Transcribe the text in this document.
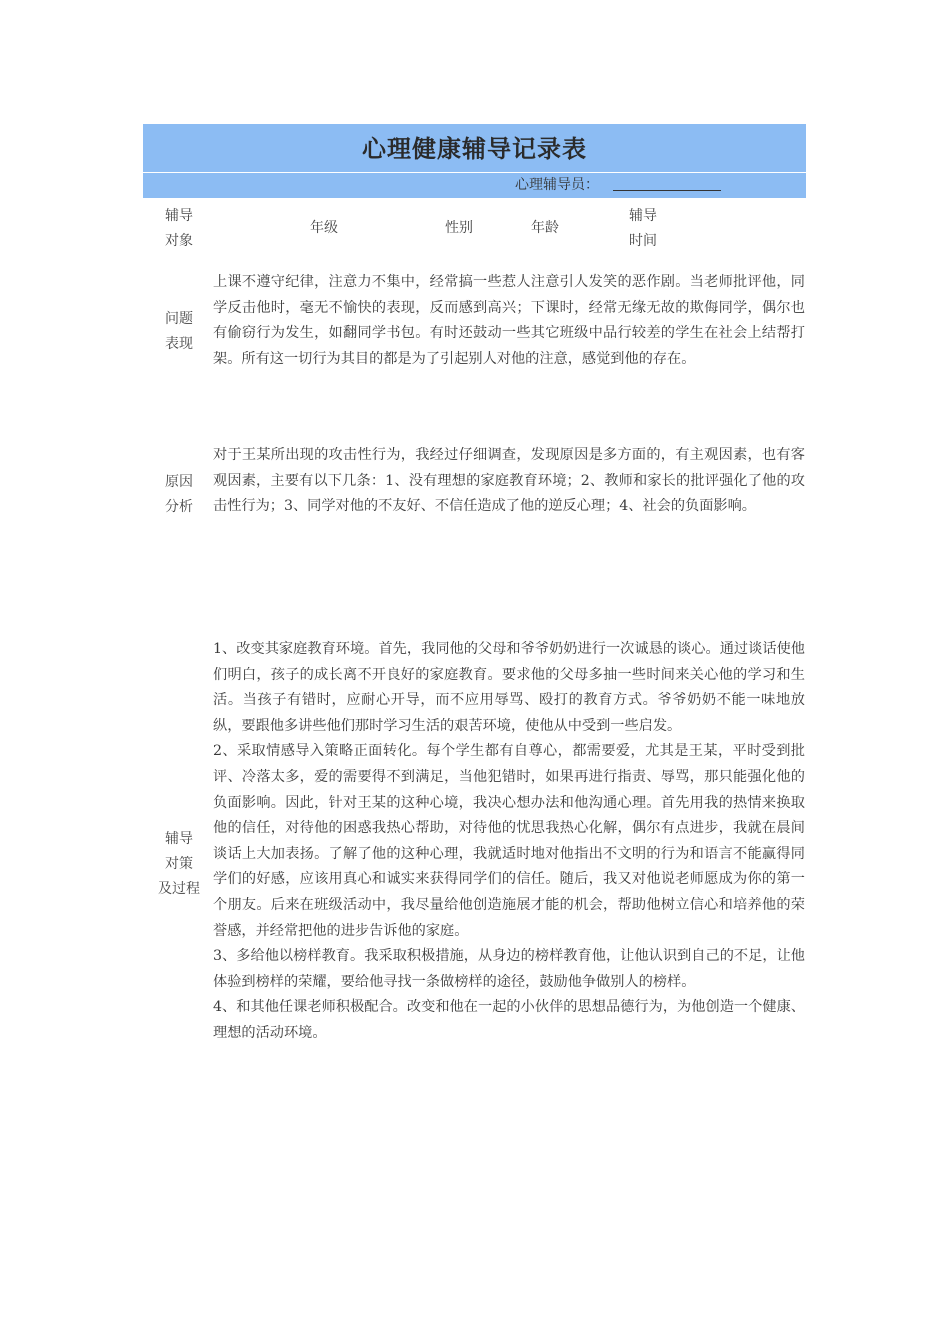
心理健康辅导记录表
心理辅导员：
辅导
对象
年级	性别	年龄
辅导
时间
问题
表现
上课不遵守纪律，注意力不集中，经常搞一些惹人注意引人发笑的恶作剧。当老师批评他，同学反击他时，毫无不愉快的表现，反而感到高兴；下课时，经常无缘无故的欺侮同学，偶尔也有偷窃行为发生，如翻同学书包。有时还鼓动一些其它班级中品行较差的学生在社会上结帮打架。所有这一切行为其目的都是为了引起别人对他的注意，感觉到他的存在。
原因
分析
对于王某所出现的攻击性行为，我经过仔细调查，发现原因是多方面的，有主观因素，也有客观因素，主要有以下几条：1、没有理想的家庭教育环境；2、教师和家长的批评强化了他的攻击性行为；3、同学对他的不友好、不信任造成了他的逆反心理；4、社会的负面影响。
辅导
对策
及过程
1、改变其家庭教育环境。首先，我同他的父母和爷爷奶奶进行一次诚恳的谈心。通过谈话使他们明白，孩子的成长离不开良好的家庭教育。要求他的父母多抽一些时间来关心他的学习和生活。当孩子有错时，应耐心开导，而不应用辱骂、殴打的教育方式。爷爷奶奶不能一味地放纵，要跟他多讲些他们那时学习生活的艰苦环境，使他从中受到一些启发。
2、采取情感导入策略正面转化。每个学生都有自尊心，都需要爱，尤其是王某，平时受到批评、冷落太多，爱的需要得不到满足，当他犯错时，如果再进行指责、辱骂，那只能强化他的负面影响。因此，针对王某的这种心境，我决心想办法和他沟通心理。首先用我的热情来换取他的信任，对待他的困惑我热心帮助，对待他的忧思我热心化解，偶尔有点进步，我就在晨间谈话上大加表扬。了解了他的这种心理，我就适时地对他指出不文明的行为和语言不能赢得同学们的好感，应该用真心和诚实来获得同学们的信任。随后，我又对他说老师愿成为你的第一个朋友。后来在班级活动中，我尽量给他创造施展才能的机会，帮助他树立信心和培养他的荣誉感，并经常把他的进步告诉他的家庭。
3、多给他以榜样教育。我采取积极措施，从身边的榜样教育他，让他认识到自己的不足，让他体验到榜样的荣耀，要给他寻找一条做榜样的途径，鼓励他争做别人的榜样。
4、和其他任课老师积极配合。改变和他在一起的小伙伴的思想品德行为，为他创造一个健康、理想的活动环境。
